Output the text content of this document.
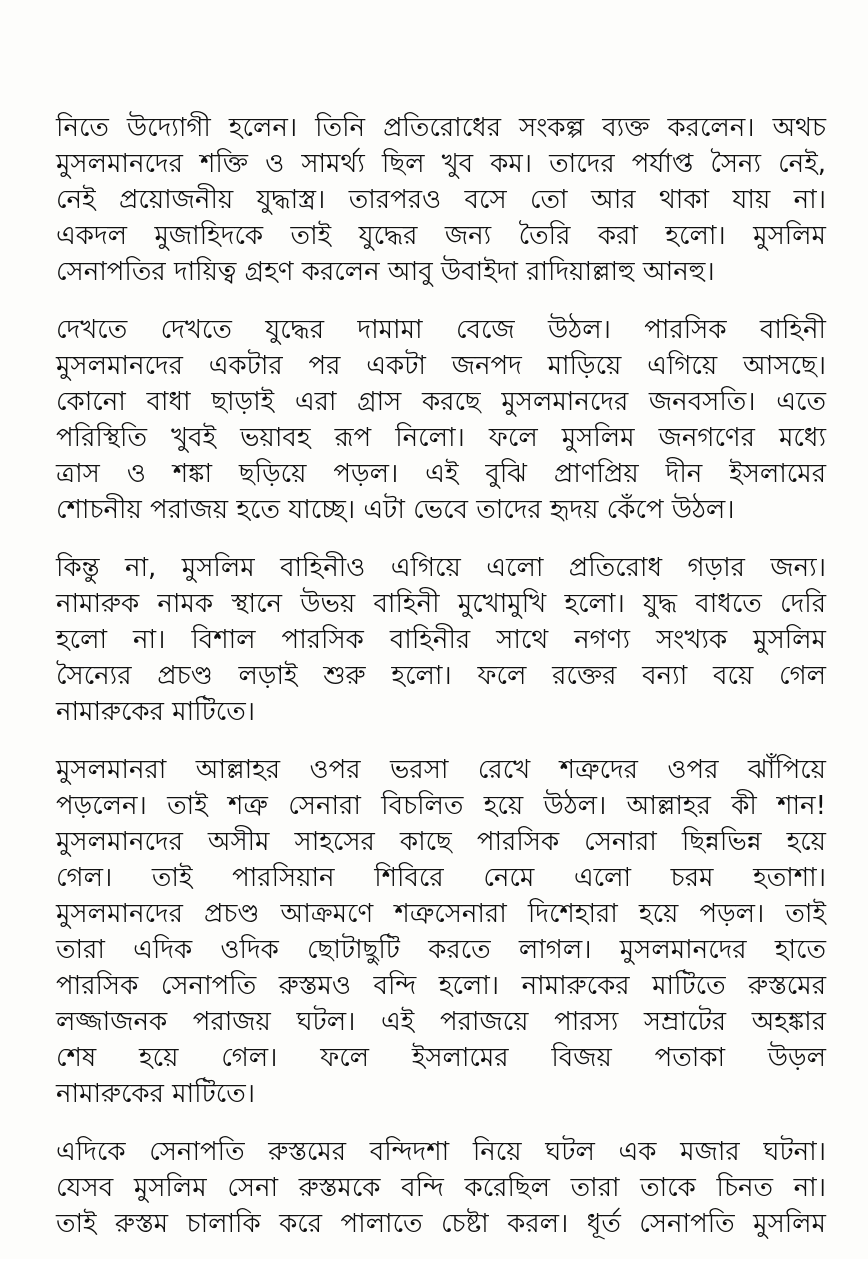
নিতে উদ্যোগী হলেন। তিনি প্রতিরোধের সংকল্প ব্যক্ত করলেন। অথচ
মুসলমানদের শক্তি ও সামর্থ্য ছিল খুব কম। তাদের পর্যাপ্ত সৈন্য নেই,
নেই প্রয়োজনীয় যুদ্ধাস্ত্র। তারপরও বসে তো আর থাকা যায় না।
একদল মুজাহিদকে তাই যুদ্ধের জন্য তৈরি করা হলো। মুসলিম
সেনাপতির দায়িত্ব গ্রহণ করলেন আবু উবাইদা রাদিয়াল্লাহু আনহু।
দেখতে দেখতে যুদ্ধের দামামা বেজে উঠল। পারসিক বাহিনী
মুসলমানদের একটার পর একটা জনপদ মাড়িয়ে এগিয়ে আসছে।
কোনো বাধা ছাড়াই এরা গ্রাস করছে মুসলমানদের জনবসতি। এতে
পরিস্থিতি খুবই ভয়াবহ রূপ নিলো। ফলে মুসলিম জনগণের মধ্যে
ত্রাস ও শঙ্কা ছড়িয়ে পড়ল। এই বুঝি প্রাণপ্রিয় দীন ইসলামের
শোচনীয় পরাজয় হতে যাচ্ছে। এটা ভেবে তাদের হৃদয় কেঁপে উঠল।
কিন্তু না, মুসলিম বাহিনীও এগিয়ে এলো প্রতিরোধ গড়ার জন্য।
নামারুক নামক স্থানে উভয় বাহিনী মুখোমুখি হলো। যুদ্ধ বাধতে দেরি
হলো না। বিশাল পারসিক বাহিনীর সাথে নগণ্য সংখ্যক মুসলিম
সৈন্যের প্রচণ্ড লড়াই শুরু হলো। ফলে রক্তের বন্যা বয়ে গেল
নামারুকের মাটিতে।
মুসলমানরা আল্লাহর ওপর ভরসা রেখে শত্রুদের ওপর ঝাঁপিয়ে
পড়লেন। তাই শত্রু সেনারা বিচলিত হয়ে উঠল। আল্লাহর কী শান!
মুসলমানদের অসীম সাহসের কাছে পারসিক সেনারা ছিন্নভিন্ন হয়ে
গেল। তাই পারসিয়ান শিবিরে নেমে এলো চরম হতাশা।
মুসলমানদের প্রচণ্ড আক্রমণে শত্রুসেনারা দিশেহারা হয়ে পড়ল। তাই
তারা এদিক ওদিক ছোটাছুটি করতে লাগল। মুসলমানদের হাতে
পারসিক সেনাপতি রুস্তমও বন্দি হলো। নামারুকের মাটিতে রুস্তমের
লজ্জাজনক পরাজয় ঘটল। এই পরাজয়ে পারস্য সম্রাটের অহঙ্কার
শেষ হয়ে গেল। ফলে ইসলামের বিজয় পতাকা উড়ল
নামারুকের মাটিতে।
এদিকে সেনাপতি রুস্তমের বন্দিদশা নিয়ে ঘটল এক মজার ঘটনা।
যেসব মুসলিম সেনা রুস্তমকে বন্দি করেছিল তারা তাকে চিনত না।
তাই রুস্তম চালাকি করে পালাতে চেষ্টা করল। ধূর্ত সেনাপতি মুসলিম
